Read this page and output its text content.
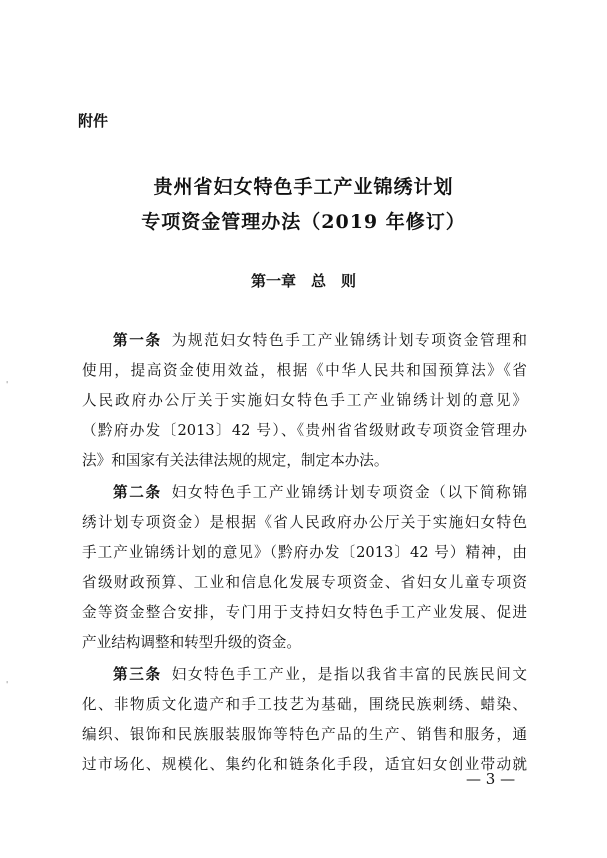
'
'
附件
贵州省妇女特色手工产业锦绣计划
专项资金管理办法（2019 年修订）
第一章　总　则
第一条 为规范妇女特色手工产业锦绣计划专项资金管理和
使用，提高资金使用效益，根据《中华人民共和国预算法》《省
人民政府办公厅关于实施妇女特色手工产业锦绣计划的意见》
（黔府办发〔2013〕42 号）、《贵州省省级财政专项资金管理办
法》和国家有关法律法规的规定，制定本办法。
第二条 妇女特色手工产业锦绣计划专项资金（以下简称锦
绣计划专项资金）是根据《省人民政府办公厅关于实施妇女特色
手工产业锦绣计划的意见》（黔府办发〔2013〕42 号）精神，由
省级财政预算、工业和信息化发展专项资金、省妇女儿童专项资
金等资金整合安排，专门用于支持妇女特色手工产业发展、促进
产业结构调整和转型升级的资金。
第三条 妇女特色手工产业，是指以我省丰富的民族民间文
化、非物质文化遗产和手工技艺为基础，围绕民族刺绣、蜡染、
编织、银饰和民族服装服饰等特色产品的生产、销售和服务，通
过市场化、规模化、集约化和链条化手段，适宜妇女创业带动就
— 3 —
